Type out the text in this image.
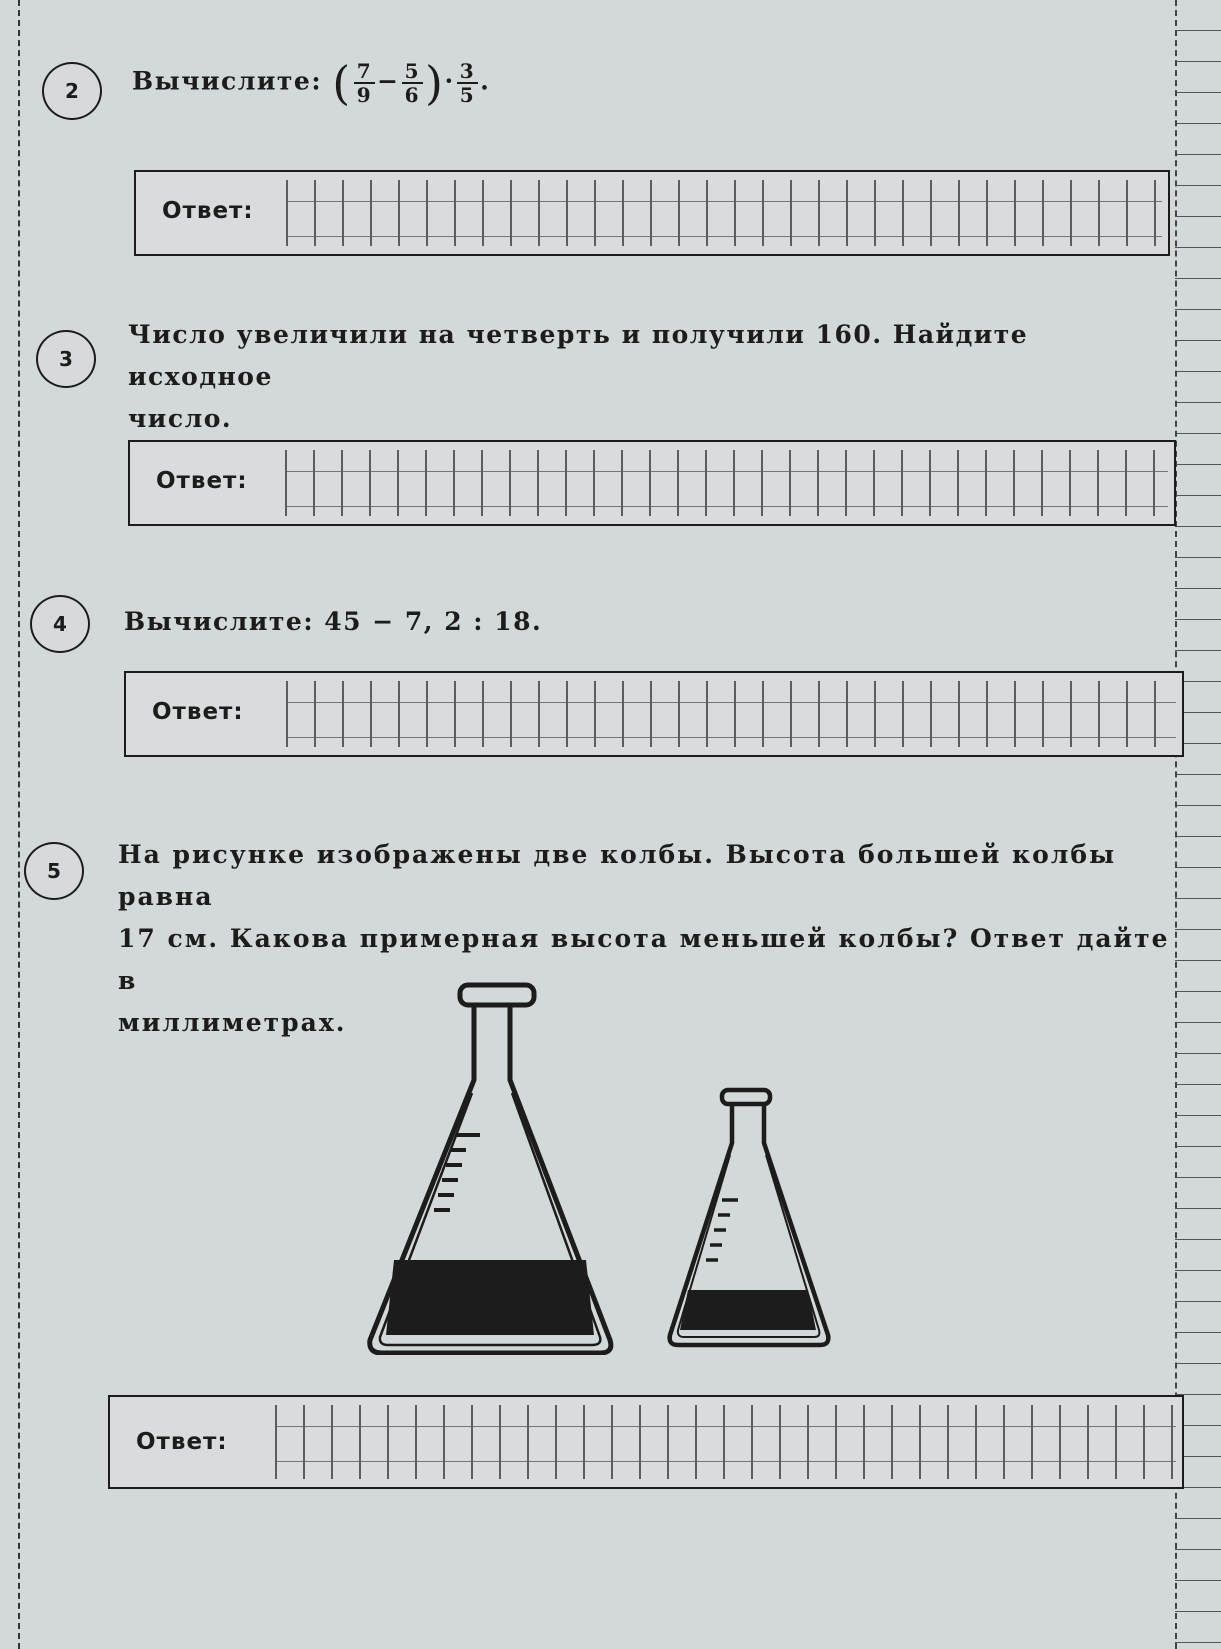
2	Вычислите: ( $\frac{7}{9} - \frac{5}{6}$ )· $\frac{3}{5}$ .
Ответ:
3
Число увеличили на четверть и получили 160. Найдите исходное
число.
Ответ:
4	Вычислите: 45 − 7, 2 : 18.
Ответ:
5
На рисунке изображены две колбы. Высота большей колбы равна
17 см. Какова примерная высота меньшей колбы? Ответ дайте в
миллиметрах.
Ответ:
